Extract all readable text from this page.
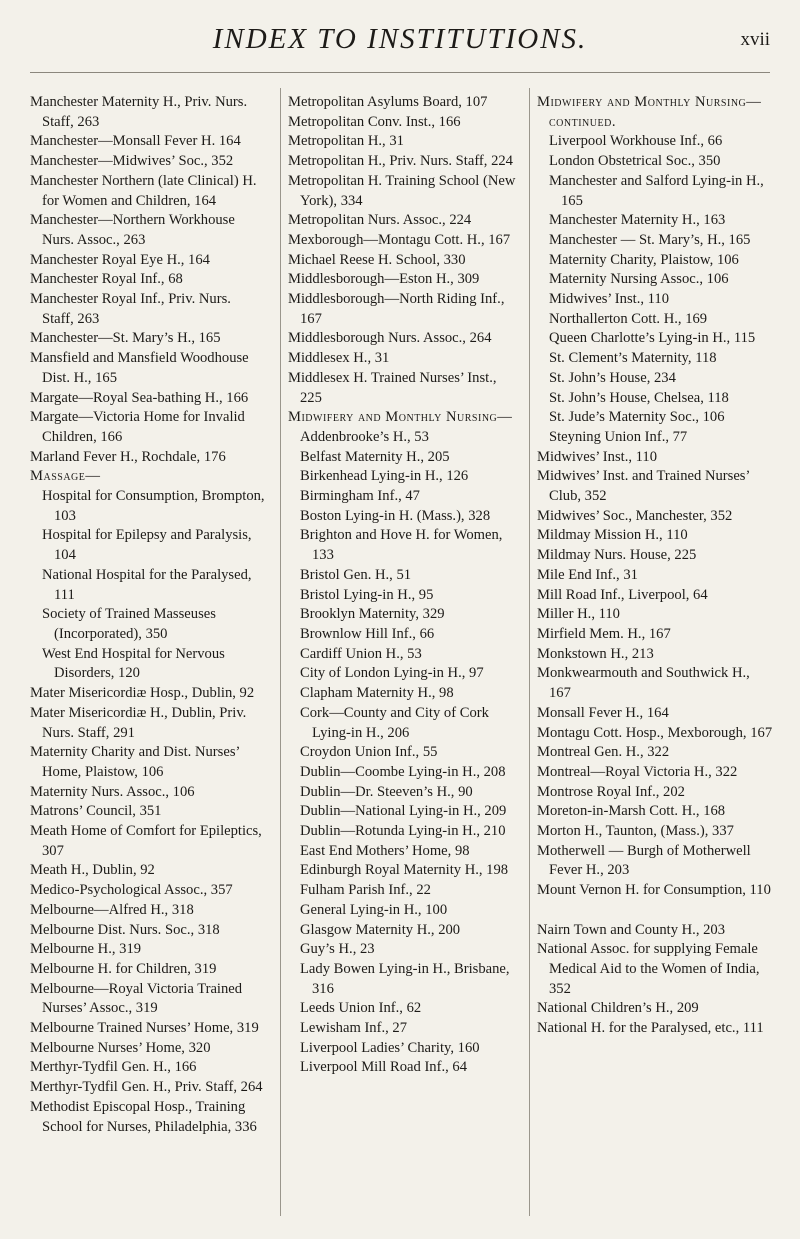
INDEX TO INSTITUTIONS.	xvii
Manchester Maternity H., Priv. Nurs. Staff, 263
Manchester—Monsall Fever H. 164
Manchester—Midwives’ Soc., 352
Manchester Northern (late Clinical) H. for Women and Children, 164
Manchester—Northern Workhouse Nurs. Assoc., 263
Manchester Royal Eye H., 164
Manchester Royal Inf., 68
Manchester Royal Inf., Priv. Nurs. Staff, 263
Manchester—St. Mary’s H., 165
Mansfield and Mansfield Woodhouse Dist. H., 165
Margate—Royal Sea-bathing H., 166
Margate—Victoria Home for Invalid Children, 166
Marland Fever H., Rochdale, 176
Massage—
Hospital for Consumption, Brompton, 103
Hospital for Epilepsy and Paralysis, 104
National Hospital for the Paralysed, 111
Society of Trained Masseuses (Incorporated), 350
West End Hospital for Nervous Disorders, 120
Mater Misericordiæ Hosp., Dublin, 92
Mater Misericordiæ H., Dublin, Priv. Nurs. Staff, 291
Maternity Charity and Dist. Nurses’ Home, Plaistow, 106
Maternity Nurs. Assoc., 106
Matrons’ Council, 351
Meath Home of Comfort for Epileptics, 307
Meath H., Dublin, 92
Medico-Psychological Assoc., 357
Melbourne—Alfred H., 318
Melbourne Dist. Nurs. Soc., 318
Melbourne H., 319
Melbourne H. for Children, 319
Melbourne—Royal Victoria Trained Nurses’ Assoc., 319
Melbourne Trained Nurses’ Home, 319
Melbourne Nurses’ Home, 320
Merthyr-Tydfil Gen. H., 166
Merthyr-Tydfil Gen. H., Priv. Staff, 264
Methodist Episcopal Hosp., Training School for Nurses, Philadelphia, 336
Metropolitan Asylums Board, 107
Metropolitan Conv. Inst., 166
Metropolitan H., 31
Metropolitan H., Priv. Nurs. Staff, 224
Metropolitan H. Training School (New York), 334
Metropolitan Nurs. Assoc., 224
Mexborough—Montagu Cott. H., 167
Michael Reese H. School, 330
Middlesborough—Eston H., 309
Middlesborough—North Riding Inf., 167
Middlesborough Nurs. Assoc., 264
Middlesex H., 31
Middlesex H. Trained Nurses’ Inst., 225
Midwifery and Monthly Nursing—
Addenbrooke’s H., 53
Belfast Maternity H., 205
Birkenhead Lying-in H., 126
Birmingham Inf., 47
Boston Lying-in H. (Mass.), 328
Brighton and Hove H. for Women, 133
Bristol Gen. H., 51
Bristol Lying-in H., 95
Brooklyn Maternity, 329
Brownlow Hill Inf., 66
Cardiff Union H., 53
City of London Lying-in H., 97
Clapham Maternity H., 98
Cork—County and City of Cork Lying-in H., 206
Croydon Union Inf., 55
Dublin—Coombe Lying-in H., 208
Dublin—Dr. Steeven’s H., 90
Dublin—National Lying-in H., 209
Dublin—Rotunda Lying-in H., 210
East End Mothers’ Home, 98
Edinburgh Royal Maternity H., 198
Fulham Parish Inf., 22
General Lying-in H., 100
Glasgow Maternity H., 200
Guy’s H., 23
Lady Bowen Lying-in H., Brisbane, 316
Leeds Union Inf., 62
Lewisham Inf., 27
Liverpool Ladies’ Charity, 160
Liverpool Mill Road Inf., 64
Midwifery and Monthly Nursing—continued.
Liverpool Workhouse Inf., 66
London Obstetrical Soc., 350
Manchester and Salford Lying-in H., 165
Manchester Maternity H., 163
Manchester — St. Mary’s, H., 165
Maternity Charity, Plaistow, 106
Maternity Nursing Assoc., 106
Midwives’ Inst., 110
Northallerton Cott. H., 169
Queen Charlotte’s Lying-in H., 115
St. Clement’s Maternity, 118
St. John’s House, 234
St. John’s House, Chelsea, 118
St. Jude’s Maternity Soc., 106
Steyning Union Inf., 77
Midwives’ Inst., 110
Midwives’ Inst. and Trained Nurses’ Club, 352
Midwives’ Soc., Manchester, 352
Mildmay Mission H., 110
Mildmay Nurs. House, 225
Mile End Inf., 31
Mill Road Inf., Liverpool, 64
Miller H., 110
Mirfield Mem. H., 167
Monkstown H., 213
Monkwearmouth and Southwick H., 167
Monsall Fever H., 164
Montagu Cott. Hosp., Mexborough, 167
Montreal Gen. H., 322
Montreal—Royal Victoria H., 322
Montrose Royal Inf., 202
Moreton-in-Marsh Cott. H., 168
Morton H., Taunton, (Mass.), 337
Motherwell — Burgh of Motherwell Fever H., 203
Mount Vernon H. for Consumption, 110
Nairn Town and County H., 203
National Assoc. for supplying Female Medical Aid to the Women of India, 352
National Children’s H., 209
National H. for the Paralysed, etc., 111
